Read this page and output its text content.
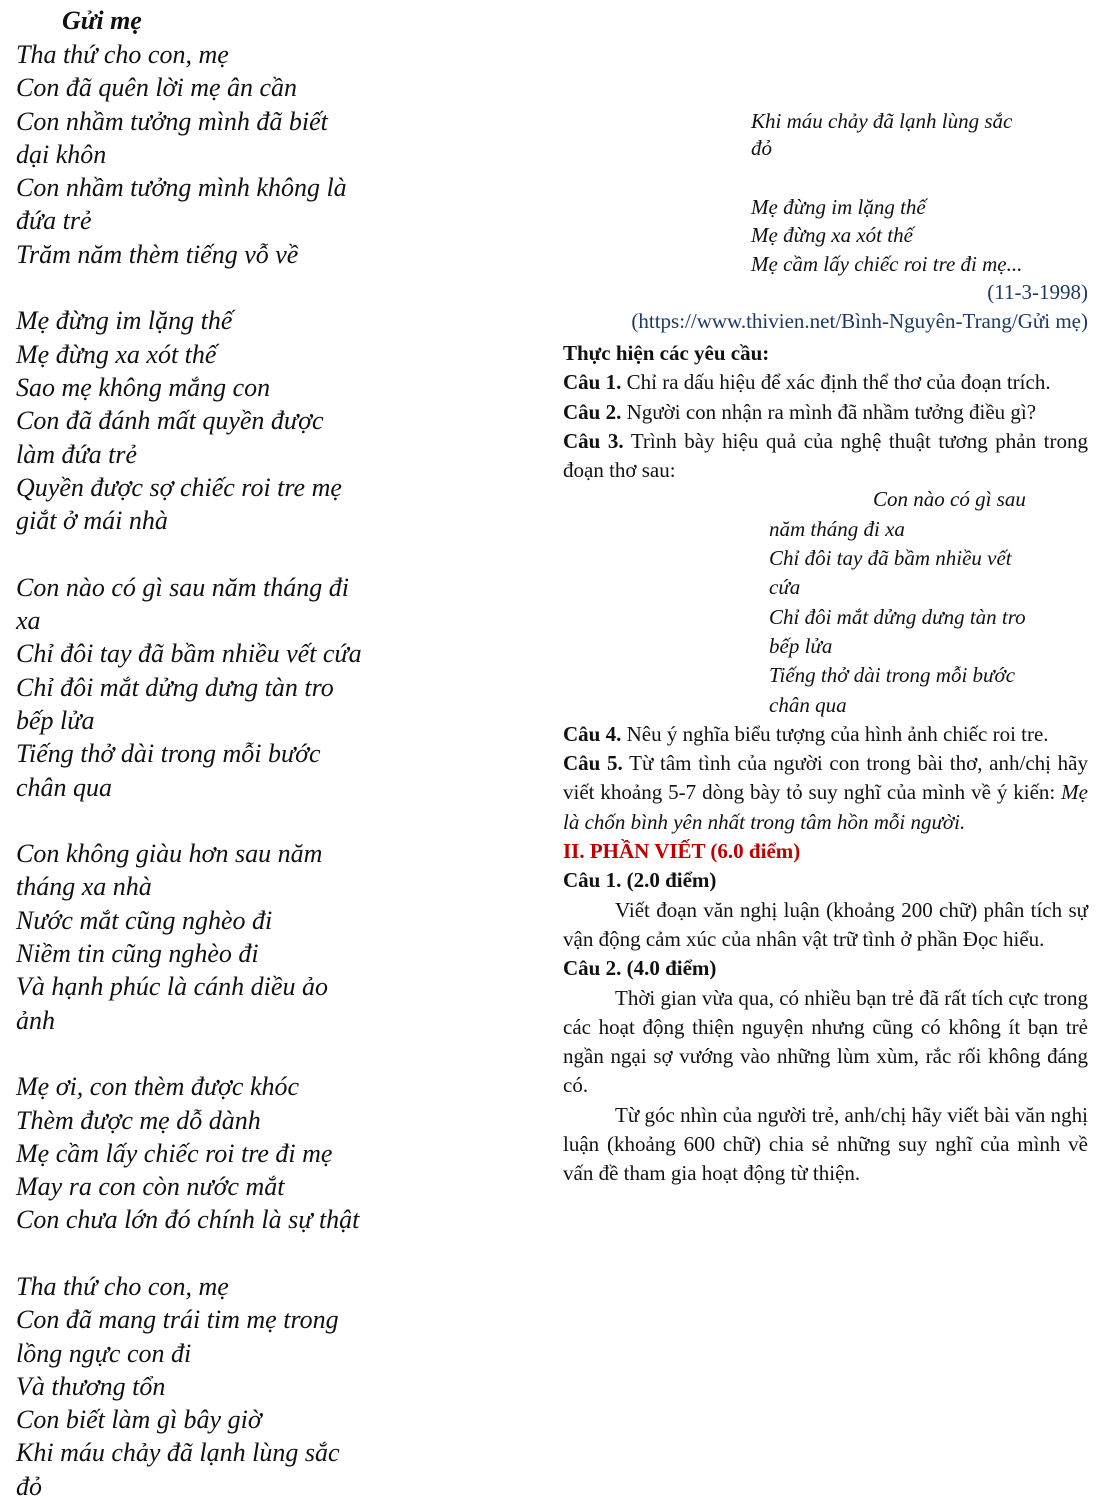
Gửi mẹ
Tha thứ cho con, mẹ
Con đã quên lời mẹ ân cần
Con nhầm tưởng mình đã biết
dại khôn
Con nhầm tưởng mình không là
đứa trẻ
Trăm năm thèm tiếng vỗ về
Mẹ đừng im lặng thế
Mẹ đừng xa xót thế
Sao mẹ không mắng con
Con đã đánh mất quyền được
làm đứa trẻ
Quyền được sợ chiếc roi tre mẹ
giắt ở mái nhà
Con nào có gì sau năm tháng đi
xa
Chỉ đôi tay đã bầm nhiều vết cứa
Chỉ đôi mắt dửng dưng tàn tro
bếp lửa
Tiếng thở dài trong mỗi bước
chân qua
Con không giàu hơn sau năm
tháng xa nhà
Nước mắt cũng nghèo đi
Niềm tin cũng nghèo đi
Và hạnh phúc là cánh diều ảo
ảnh
Mẹ ơi, con thèm được khóc
Thèm được mẹ dỗ dành
Mẹ cầm lấy chiếc roi tre đi mẹ
May ra con còn nước mắt
Con chưa lớn đó chính là sự thật
Tha thứ cho con, mẹ
Con đã mang trái tim mẹ trong
lồng ngực con đi
Và thương tổn
Con biết làm gì bây giờ
Khi máu chảy đã lạnh lùng sắc
đỏ
Khi máu chảy đã lạnh lùng sắc
đỏ
Mẹ đừng im lặng thế
Mẹ đừng xa xót thế
Mẹ cầm lấy chiếc roi tre đi mẹ...
(11-3-1998)
(https://www.thivien.net/Bình-Nguyên-Trang/Gửi mẹ)
Thực hiện các yêu cầu:
Câu 1. Chỉ ra dấu hiệu để xác định thể thơ của đoạn trích.
Câu 2. Người con nhận ra mình đã nhầm tưởng điều gì?
Câu 3. Trình bày hiệu quả của nghệ thuật tương phản trong đoạn thơ sau:
Con nào có gì sau
năm tháng đi xa
Chỉ đôi tay đã bầm nhiều vết
cứa
Chỉ đôi mắt dửng dưng tàn tro
bếp lửa
Tiếng thở dài trong mỗi bước
chân qua
Câu 4. Nêu ý nghĩa biểu tượng của hình ảnh chiếc roi tre.
Câu 5. Từ tâm tình của người con trong bài thơ, anh/chị hãy viết khoảng 5-7 dòng bày tỏ suy nghĩ của mình về ý kiến: Mẹ là chốn bình yên nhất trong tâm hồn mỗi người.
II. PHẦN VIẾT (6.0 điểm)
Câu 1. (2.0 điểm)
Viết đoạn văn nghị luận (khoảng 200 chữ) phân tích sự vận động cảm xúc của nhân vật trữ tình ở phần Đọc hiểu.
Câu 2. (4.0 điểm)
Thời gian vừa qua, có nhiều bạn trẻ đã rất tích cực trong các hoạt động thiện nguyện nhưng cũng có không ít bạn trẻ ngần ngại sợ vướng vào những lùm xùm, rắc rối không đáng có.
Từ góc nhìn của người trẻ, anh/chị hãy viết bài văn nghị luận (khoảng 600 chữ) chia sẻ những suy nghĩ của mình về vấn đề tham gia hoạt động từ thiện.
